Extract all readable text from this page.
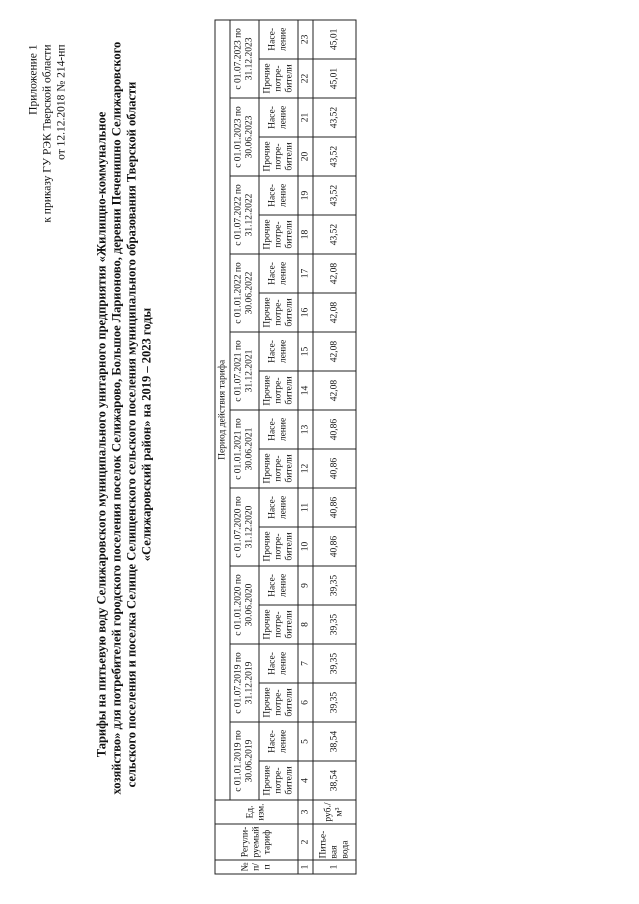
Приложение 1 к приказу ГУ РЭК Тверской области от 12.12.2018 № 214-нп
Тарифы на питьевую воду Селижаровского муниципального унитарного предприятия «Жилищно-коммунальное хозяйство» для потребителей городского поселения поселок Селижарово, Большое Ларионово, деревни Печенишно Селижаровского сельского поселения и поселка Селище Селищенского сельского поселения муниципального образования Тверской области «Селижаровский район» на 2019 – 2023 годы
№ п/ п	Регули-руемый тариф	Ед. изм.	Период действия тарифа																			
			с 01.01.2019 по 30.06.2019		с 01.07.2019 по 31.12.2019		с 01.01.2020 по 30.06.2020		с 01.07.2020 по 31.12.2020		с 01.01.2021 по 30.06.2021		с 01.07.2021 по 31.12.2021		с 01.01.2022 по 30.06.2022		с 01.07.2022 по 31.12.2022		с 01.01.2023 по 30.06.2023		с 01.07.2023 по 31.12.2023	
			Прочие потре-бители	Насе-ление	Прочие потре-бители	Насе-ление	Прочие потре-бители	Насе-ление	Прочие потре-бители	Насе-ление	Прочие потре-бители	Насе-ление	Прочие потре-бители	Насе-ление	Прочие потре-бители	Насе-ление	Прочие потре-бители	Насе-ление	Прочие потре-бители	Насе-ление	Прочие потре-бители	Насе-ление
1	2	3	4	5	6	7	8	9	10	11	12	13	14	15	16	17	18	19	20	21	22	23
1	Питье-вая вода	руб./м³	38,54	38,54	39,35	39,35	39,35	39,35	40,86	40,86	40,86	40,86	42,08	42,08	42,08	42,08	43,52	43,52	43,52	43,52	45,01	45,01
